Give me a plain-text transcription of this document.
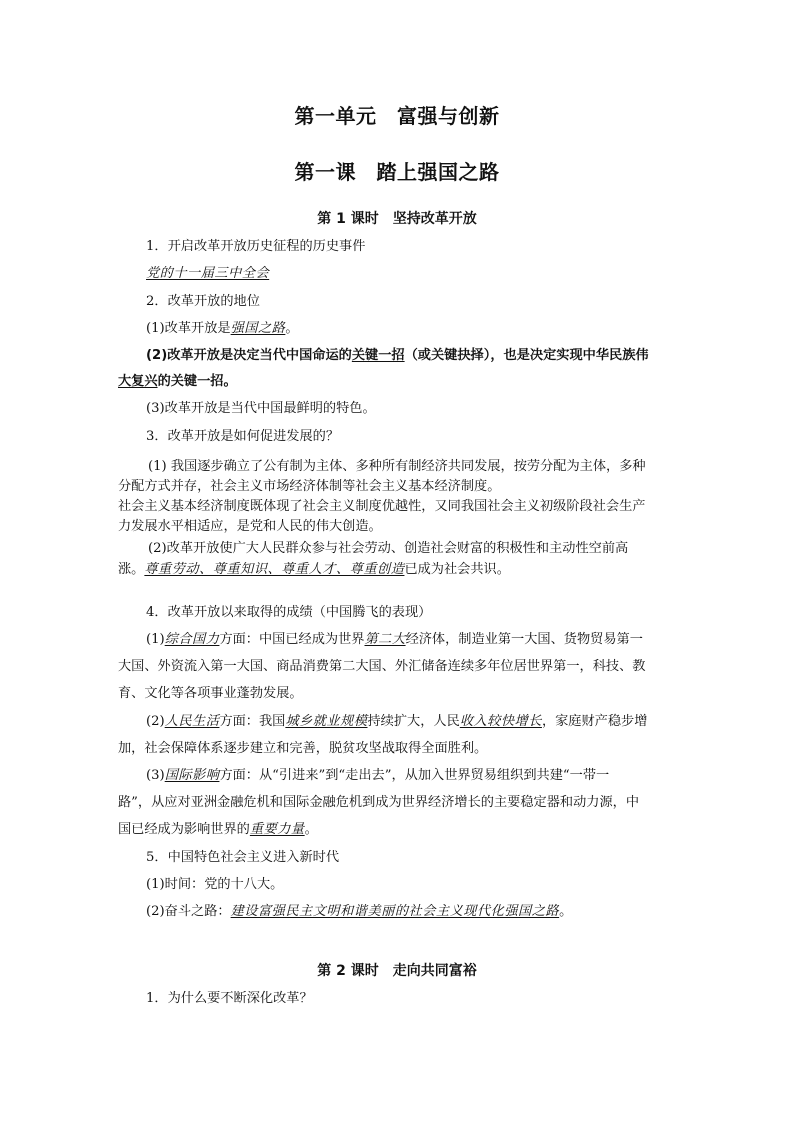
第一单元　富强与创新
第一课　踏上强国之路
第 1 课时　坚持改革开放
1．开启改革开放历史征程的历史事件
党的十一届三中全会
2．改革开放的地位
(1)改革开放是强国之路。
(2)改革开放是决定当代中国命运的关键一招（或关键抉择），也是决定实现中华民族伟
大复兴的关键一招。
(3)改革开放是当代中国最鲜明的特色。
3．改革开放是如何促进发展的？
(1) 我国逐步确立了公有制为主体、多种所有制经济共同发展，按劳分配为主体，多种
分配方式并存，社会主义市场经济体制等社会主义基本经济制度。
社会主义基本经济制度既体现了社会主义制度优越性，又同我国社会主义初级阶段社会生产
力发展水平相适应，是党和人民的伟大创造。
(2)改革开放使广大人民群众参与社会劳动、创造社会财富的积极性和主动性空前高
涨。尊重劳动、尊重知识、尊重人才、尊重创造已成为社会共识。
4．改革开放以来取得的成绩（中国腾飞的表现）
(1)综合国力方面：中国已经成为世界第二大经济体，制造业第一大国、货物贸易第一
大国、外资流入第一大国、商品消费第二大国、外汇储备连续多年位居世界第一，科技、教
育、文化等各项事业蓬勃发展。
(2)人民生活方面：我国城乡就业规模持续扩大，人民收入较快增长，家庭财产稳步增
加，社会保障体系逐步建立和完善，脱贫攻坚战取得全面胜利。
(3)国际影响方面：从“引进来”到“走出去”，从加入世界贸易组织到共建“一带一
路”，从应对亚洲金融危机和国际金融危机到成为世界经济增长的主要稳定器和动力源，中
国已经成为影响世界的重要力量。
5．中国特色社会主义进入新时代
(1)时间：党的十八大。
(2)奋斗之路：建设富强民主文明和谐美丽的社会主义现代化强国之路。
第 2 课时　走向共同富裕
1．为什么要不断深化改革？
